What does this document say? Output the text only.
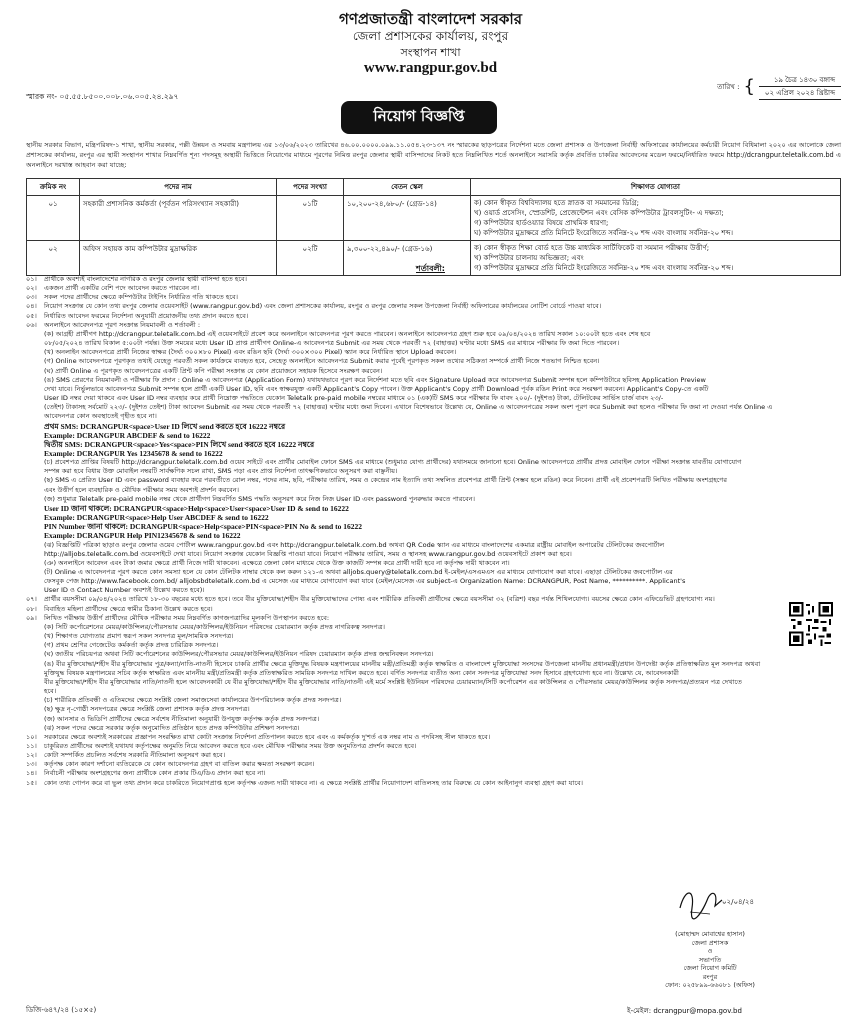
গণপ্রজাতন্ত্রী বাংলাদেশ সরকার
জেলা প্রশাসকের কার্যালয়, রংপুর
সংস্থাপন শাখা
www.rangpur.gov.bd
স্মারক নং- ০৫.৫৫.৮৫০০.০০৮.০৬.০০৫.২৪.২৯৭
তারিখ : {	১৯ চৈত্র ১৪৩০ বঙ্গাব্দ
০২ এপ্রিল ২০২৪ খ্রিষ্টাব্দ
নিয়োগ বিজ্ঞপ্তি
স্থানীয় সরকার বিভাগ, মন্ত্রিপরিষদ-১ শাখা, স্থানীয় সরকার, পল্লী উন্নয়ন ও সমবায় মন্ত্রণালয় এর ১৩/০৬/২০২৩ তারিখের ৪৬.০০.০০০০.০৯৯.১১.০৫৪.২৩-১৩৭ নং স্মারকের ছাড়পত্রের নির্দেশনা মতে জেলা প্রশাসক ও উপজেলা নির্বাহী অফিসারের কার্যালয়ের কর্মচারী নিয়োগ বিধিমালা ২০২০ এর আলোকে জেলা প্রশাসকের কার্যালয়, রংপুর এর স্থায়ী সংস্থাপন শাখার নিম্নবর্ণিত শূন্য পদসমূহ অস্থায়ী ভিত্তিতে নিয়োগের মাধ্যমে পূরণের নিমিত্ত রংপুর জেলার স্থায়ী বাসিন্দাদের নিকট হতে নিম্নলিখিত শর্তে অনলাইনে সরাসরি কর্তৃক প্রবর্তিত চাকরির আবেদনের মডেল ফরমে/নির্ধারিত ফরমে http://dcrangpur.teletalk.com.bd এ অনলাইনে দরখাস্ত আহবান করা যাচ্ছে:
ক্রমিক নং	পদের নাম	পদের সংখ্যা	বেতন স্কেল	শিক্ষাগত যোগ্যতা
০১	সহকারী প্রশাসনিক কর্মকর্তা (পূর্বতন পরিসংখ্যান সহকারী)	০১টি	১০,২০০-২৪,৬৮০/- (গ্রেড-১৪)	ক) কোন স্বীকৃত বিশ্ববিদ্যালয় হতে স্নাতক বা সমমানের ডিগ্রি;
খ) ওয়ার্ড প্রসেসিং, স্প্রেডশিট, প্রেজেন্টেশন এবং বেসিক কম্পিউটার ট্রাবলসুটিং- এ দক্ষতা;
গ) কম্পিউটার হার্ডওয়্যার বিষয়ে প্রাথমিক ধারণা;
ঘ) কম্পিউটার মুদ্রাক্ষরে প্রতি মিনিটে ইংরেজিতে সর্বনিম্ন-২০ শব্দ এবং বাংলায় সর্বনিম্ন-২০ শব্দ।

০২	অফিস সহায়ক কাম কম্পিউটার মুদ্রাক্ষরিক	০২টি	৯,৩০০-২২,৪৯০/- (গ্রেড-১৬)	ক) কোন স্বীকৃত শিক্ষা বোর্ড হতে উচ্চ মাধ্যমিক সার্টিফিকেট বা সমমান পরীক্ষায় উত্তীর্ণ;
খ) কম্পিউটার চালনায় অভিজ্ঞতা; এবং
গ) কম্পিউটার মুদ্রাক্ষরে প্রতি মিনিটে ইংরেজিতে সর্বনিম্ন-২০ শব্দ এবং বাংলায় সর্বনিম্ন-২০ শব্দ।
শর্তাবলী:
০১।	প্রার্থীকে অবশ্যই বাংলাদেশের নাগরিক ও রংপুর জেলার স্থায়ী বাসিন্দা হতে হবে।
০২।	একজন প্রার্থী একটির বেশি পদে আবেদন করতে পারবেন না।
০৩।	সকল পদের প্রার্থীদের ক্ষেত্রে কম্পিউটার টাইপিং নির্ধারিত গতি থাকতে হবে।
০৪।	নিয়োগ সংক্রান্ত যে কোন তথ্য রংপুর জেলার ওয়েবসাইট (www.rangpur.gov.bd) এবং জেলা প্রশাসকের কার্যালয়, রংপুর ও রংপুর জেলার সকল উপজেলা নির্বাহী অফিসারের কার্যালয়ের নোটিশ বোর্ডে পাওয়া যাবে।
০৫।	নির্ধারিত আবেদন ফরমের নির্দেশনা অনুযায়ী প্রয়োজনীয় তথ্য প্রদান করতে হবে।
০৬।	অনলাইনে আবেদনপত্র পূরণ সংক্রান্ত নিয়মাবলী ও শর্তাবলী :
(ক) আগ্রহী প্রার্থীগণ http://dcrangpur.teletalk.com.bd এই ওয়েবসাইটে প্রবেশ করে অনলাইনে আবেদনপত্র পূরণ করতে পারবেন। অনলাইনে আবেদনপত্র গ্রহণ শুরু হবে ০৯/০৪/২০২৪ তারিখ সকাল ১০:০০টা হতে এবং শেষ হবে
০৮/০৫/২০২৪ তারিখ বিকাল ৫:০০টা পর্যন্ত। উক্ত সময়ের মধ্যে User ID প্রাপ্ত প্রার্থীগণ Online-এ আবেদনপত্র Submit এর সময় থেকে পরবর্তী ৭২ (বাহাত্তর) ঘণ্টার মধ্যে SMS এর মাধ্যমে পরীক্ষার ফি জমা দিতে পারবেন।
(খ) অনলাইন আবেদনপত্রে প্রার্থী নিজের স্বাক্ষর (দৈর্ঘ্য ৩০০×৮০ Pixel) এবং রঙিন ছবি (দৈর্ঘ্য ৩০০×৩০০ Pixel) স্ক্যান করে নির্ধারিত স্থানে Upload করবেন।
(গ) Online আবেদনপত্রে পূরণকৃত তথ্যই যেহেতু পরবর্তী সকল কার্যক্রমে ব্যবহৃত হবে, সেহেতু অনলাইনে আবেদনপত্র Submit করার পূর্বেই পূরণকৃত সকল তথ্যের সঠিকতা সম্পর্কে প্রার্থী নিজে শতভাগ নিশ্চিত হবেন।
(ঘ) প্রার্থী Online এ পূরণকৃত আবেদনপত্রের একটি প্রিন্ট কপি পরীক্ষা সংক্রান্ত যে কোন প্রয়োজনে সহায়ক হিসেবে সংরক্ষণ করবেন।
(ঙ) SMS প্রেরণের নিয়মাবলী ও পরীক্ষার ফি প্রদান : Online এ আবেদনপত্র (Application Form) যথাযথভাবে পূরণ করে নির্দেশনা মতে ছবি এবং Signature Upload করে আবেদনপত্র Submit সম্পন্ন হলে কম্পিউটারে ছবিসহ Application Preview
দেখা যাবে। নির্ভুলভাবে আবেদনপত্র Submit সম্পন্ন হলে প্রার্থী একটি User ID, ছবি এবং স্বাক্ষরযুক্ত একটি Applicant's Copy পাবেন। উক্ত Applicant's Copy প্রার্থী Download পূর্বক রঙিন Print করে সংরক্ষণ করবেন। Applicant's Copy-তে একটি
User ID নম্বর দেয়া থাকবে এবং User ID নম্বর ব্যবহার করে প্রার্থী নিম্নোক্ত পদ্ধতিতে যেকোন Teletalk pre-paid mobile নম্বরের মাধ্যমে ০১ (এক)টি SMS করে পরীক্ষার ফি বাবদ ২০০/- (দুইশত) টাকা, টেলিটকের সার্ভিস চার্জ বাবদ ২৩/-
(তেইশ) টাকাসহ সর্বমোট ২২৩/- (দুইশত তেইশ) টাকা আবেদন Submit এর সময় থেকে পরবর্তী ৭২ (বাহাত্তর) ঘণ্টার মধ্যে জমা দিবেন। এখানে বিশেষভাবে উল্লেখ্য যে, Online এ আবেদনপত্রের সকল অংশ পূরণ করে Submit করা হলেও পরীক্ষার ফি জমা না দেওয়া পর্যন্ত Online এ
আবেদনপত্র কোন অবস্থাতেই গৃহীত হবে না।
প্রথম SMS: DCRANGPUR<space>User ID লিখে send করতে হবে 16222 নম্বরে
Example: DCRANGPUR ABCDEF & send to 16222
দ্বিতীয় SMS: DCRANGPUR<space>Yes<space>PIN লিখে send করতে হবে 16222 নম্বরে
Example: DCRANGPUR Yes 12345678 & send to 16222
(চ) প্রবেশপত্র প্রাপ্তির বিষয়টি http://dcrangpur.teletalk.com.bd ওয়েব সাইটে এবং প্রার্থীর মোবাইল ফোনে SMS এর মাধ্যমে (শুধুমাত্র যোগ্য প্রার্থীদের) যথাসময়ে জানানো হবে। Online আবেদনপত্রে প্রার্থীর প্রদত্ত মোবাইল ফোনে পরীক্ষা সংক্রান্ত যাবতীয় যোগাযোগ
সম্পন্ন করা হবে বিধায় উক্ত মোবাইল নম্বরটি সার্বক্ষণিক সচল রাখা, SMS পড়া এবং প্রাপ্ত নির্দেশনা তাৎক্ষণিকভাবে অনুসরণ করা বাঞ্ছনীয়।
(ছ) SMS এ প্রেরিত User ID এবং password ব্যবহার করে পরবর্তীতে রোল নম্বর, পদের নাম, ছবি, পরীক্ষার তারিখ, সময় ও কেন্দ্রের নাম ইত্যাদি তথ্য সম্বলিত প্রবেশপত্র প্রার্থী প্রিন্ট (সম্ভব হলে রঙিন) করে নিবেন। প্রার্থী এই প্রবেশপত্রটি লিখিত পরীক্ষায় অংশগ্রহণের
এবং উত্তীর্ণ হলে ব্যবহারিক ও মৌখিক পরীক্ষার সময় অবশ্যই প্রদর্শন করবেন।
(জ) শুধুমাত্র Teletalk pre-paid mobile নম্বর থেকে প্রার্থীগণ নিম্নবর্ণিত SMS পদ্ধতি অনুসরণ করে নিজ নিজ User ID এবং password পুনরুদ্ধার করতে পারবেন।
User ID জানা থাকলে: DCRANGPUR<space>Help<space>User<space>User ID & send to 16222
Example: DCRANGPUR<space>Help User ABCDEF & send to 16222
PIN Number জানা থাকলে: DCRANGPUR<space>Help<space>PIN<space>PIN No & send to 16222
Example: DCRANGPUR Help PIN12345678 & send to 16222
(ঝ) বিজ্ঞপ্তিটি পত্রিকা ছাড়াও রংপুর জেলার ওয়েব পোর্টাল www.rangpur.gov.bd এবং http://dcrangpur.teletalk.com.bd অথবা QR Code স্ক্যান এর মাধ্যমে বাংলাদেশের একমাত্র রাষ্ট্রীয় মোবাইল অপারেটর টেলিটকের জবপোর্টাল
http://alljobs.teletalk.com.bd ওয়েবসাইটে দেখা যাবে। নিয়োগ সংক্রান্ত যেকোন বিজ্ঞপ্তি পাওয়া যাবে। নিয়োগ পরীক্ষার তারিখ, সময় ও স্থানসহ www.rangpur.gov.bd ওয়েবসাইটে প্রকাশ করা হবে।
(ঞ) অনলাইনে আবেদন এবং টাকা জমার ক্ষেত্রে প্রার্থী নিজে দায়ী থাকবেন। এক্ষেত্রে জেলা কোন মাধ্যমে থেকে উক্ত কাজটি সম্পন্ন করে প্রার্থী দায়ী হবে না কর্তৃপক্ষ দায়ী থাকবেন না।
(ট) Online এ আবেদনপত্র পূরণ করতে কোন সমস্যা হলে যে কোন টেলিটক নাম্বার থেকে কল করুন ১২১-এ অথবা alljobs.query@teletalk.com.bd ই-মেইল/এসএমএস এর মাধ্যমে যোগাযোগ করা যাবে। এছাড়া টেলিটকের জবপোর্টাল এর
ফেসবুক পেজ http://www.facebook.com.bd/ alljobsbdteletalk.com.bd এ মেসেজ এর মাধ্যমে যোগাযোগ করা যাবে (মেইল/মেসেজ এর subject-এ Organization Name: DCRANGPUR, Post Name, **********. Applicant's
User ID ও Contact Number অবশ্যই উল্লেখ করতে হবে)।
০৭।	প্রার্থীর বয়সসীমা ০৯/০৪/২০২৪ তারিখে ১৮-৩০ বছরের মধ্যে হতে হবে। তবে বীর মুক্তিযোদ্ধা/শহীদ বীর মুক্তিযোদ্ধাদের পোষ্য এবং শারীরিক প্রতিবন্ধী প্রার্থীদের ক্ষেত্রে বয়সসীমা ৩২ (বত্রিশ) বছর পর্যন্ত শিথিলযোগ্য। বয়সের ক্ষেত্রে কোন এফিডেভিট গ্রহণযোগ্য নয়।
০৮।	বিবাহিত মহিলা প্রার্থীদের ক্ষেত্রে স্বামীর ঠিকানা উল্লেখ করতে হবে।
০৯।	লিখিত পরীক্ষায় উত্তীর্ণ প্রার্থীদের মৌখিক পরীক্ষার সময় নিম্নবর্ণিত কাগজপত্রাদির মূলকপি উপস্থাপন করতে হবে:
(ক) সিটি কর্পোরেশনের মেয়র/কাউন্সিলর/পৌরসভার মেয়র/কাউন্সিলর/ইউনিয়ন পরিষদের চেয়ারম্যান কর্তৃক প্রদত্ত নাগরিকত্ব সনদপত্র।
(খ) শিক্ষাগত যোগ্যতার প্রমাণ স্বরূপ সকল সনদপত্র মূল/সাময়িক সনদপত্র।
(গ) প্রথম শ্রেণির গেজেটেড কর্মকর্তা কর্তৃক প্রদত্ত চারিত্রিক সনদপত্র।
(ঘ) জাতীয় পরিচয়পত্র অথবা সিটি কর্পোরেশনের কাউন্সিলর/পৌরসভার মেয়র/কাউন্সিলর/ইউনিয়ন পরিষদ চেয়ারম্যান কর্তৃক প্রদত্ত জন্মনিবন্ধন সনদপত্র।
(ঙ) বীর মুক্তিযোদ্ধা/শহীদ বীর মুক্তিযোদ্ধার পুত্র/কন্যা/নাতি-নাতনী হিসেবে চাকরি প্রার্থীর ক্ষেত্রে মুক্তিযুদ্ধ বিষয়ক মন্ত্রণালয়ের মাননীয় মন্ত্রী/প্রতিমন্ত্রী কর্তৃক স্বাক্ষরিত ও বাংলাদেশ মুক্তিযোদ্ধা সংসদের উপজেলা মাননীয় প্রধানমন্ত্রী/প্রধান উপদেষ্টা কর্তৃক প্রতিস্বাক্ষরিত মূল সনদপত্র অথবা
মুক্তিযুদ্ধ বিষয়ক মন্ত্রণালয়ের সচিব কর্তৃক স্বাক্ষরিত এবং মাননীয় মন্ত্রী/প্রতিমন্ত্রী কর্তৃক প্রতিস্বাক্ষরিত সাময়িক সনদপত্র দাখিল করতে হবে। বর্ণিত সনদপত্র ব্যতীত অন্য কোন সনদপত্র মুক্তিযোদ্ধা সনদ হিসাবে গ্রহণযোগ্য হবে না। উল্লেখ্য যে, আবেদনকারী
বীর মুক্তিযোদ্ধা/শহীদ বীর মুক্তিযোদ্ধার নাতি/নাতনী হলে আবেদনকারী যে বীর মুক্তিযোদ্ধা/শহীদ বীর মুক্তিযোদ্ধার নাতি/নাতনী এই মর্মে সংশ্লিষ্ট ইউনিয়ন পরিষদের চেয়ারম্যান/সিটি কর্পোরেশন এর কাউন্সিলর ও পৌরসভার মেয়র/কাউন্সিলর কর্তৃক সনদপত্র/প্রত্যয়ন পত্র দেখাতে
হবে।
(চ) শারীরিক প্রতিবন্ধী ও এতিমদের ক্ষেত্রে সংশ্লিষ্ট জেলা সমাজসেবা কার্যালয়ের উপপরিচালক কর্তৃক প্রদত্ত সনদপত্র।
(ছ) ক্ষুদ্র নৃ-গোষ্ঠী সনদপত্রের ক্ষেত্রে সংশ্লিষ্ট জেলা প্রশাসক কর্তৃক প্রদত্ত সনদপত্র।
(জ) আনসার ও ভিডিপি প্রার্থীদের ক্ষেত্রে সর্বশেষ নীতিমালা অনুযায়ী উপযুক্ত কর্তৃপক্ষ কর্তৃক প্রদত্ত সনদপত্র।
(ঝ) সকল পদের ক্ষেত্রে সরকার কর্তৃক অনুমোদিত প্রতিষ্ঠান হতে প্রদত্ত কম্পিউটার প্রশিক্ষণ সনদপত্র।
১০।	সরকারের ক্ষেত্রে অবশ্যই সরকারের প্রজ্ঞাপন সংরক্ষিত রাখা কোটা সংক্রান্ত নির্দেশনা প্রতিপালন করতে হবে এবং এ কর্মকর্তৃক দু'শর্ত এক নম্বর নাম ও পদবিসহ সীল থাকতে হবে।
১১।	চাকুরিরত প্রার্থীদের অবশ্যই যথাযথ কর্তৃপক্ষের অনুমতি নিয়ে আবেদন করতে হবে এবং মৌখিক পরীক্ষার সময় উক্ত অনুমতিপত্র প্রদর্শন করতে হবে।
১২।	কোটা সম্পর্কিত প্রচলিত সর্বশেষ সরকারি নীতিমালা অনুসরণ করা হবে।
১৩।	কর্তৃপক্ষ কোন কারণ দর্শানো ব্যতিরেকে যে কোন আবেদনপত্র গ্রহণ বা বাতিল করার ক্ষমতা সংরক্ষণ করেন।
১৪।	নির্বাচনী পরীক্ষায় অংশগ্রহণের জন্য প্রার্থীকে কোন প্রকার টিএ/ডিএ প্রদান করা হবে না।
১৫।	কোন তথ্য গোপন করে বা ভুল তথ্য প্রদান করে চাকরিতে নিয়োগপ্রাপ্ত হলে কর্তৃপক্ষ এজন্য দায়ী থাকবে না। এ ক্ষেত্রে সংশ্লিষ্ট প্রার্থীর নিয়োগাদেশ বাতিলসহ তার বিরুদ্ধে যে কোন আইনানুগ ব্যবস্থা গ্রহণ করা যাবে।
০২/০৪/২৪
(মোহাম্মদ মোবাশ্বের হাসান)
জেলা প্রশাসক
ও
সভাপতি
জেলা নিয়োগ কমিটি
রংপুর
ফোন: ০২৫৮৯৯-৬৬০৮১ (অফিস)
ই-মেইল: dcrangpur@mopa.gov.bd
ডিজি-৬৪৭/২৪ (১৫×৫)
